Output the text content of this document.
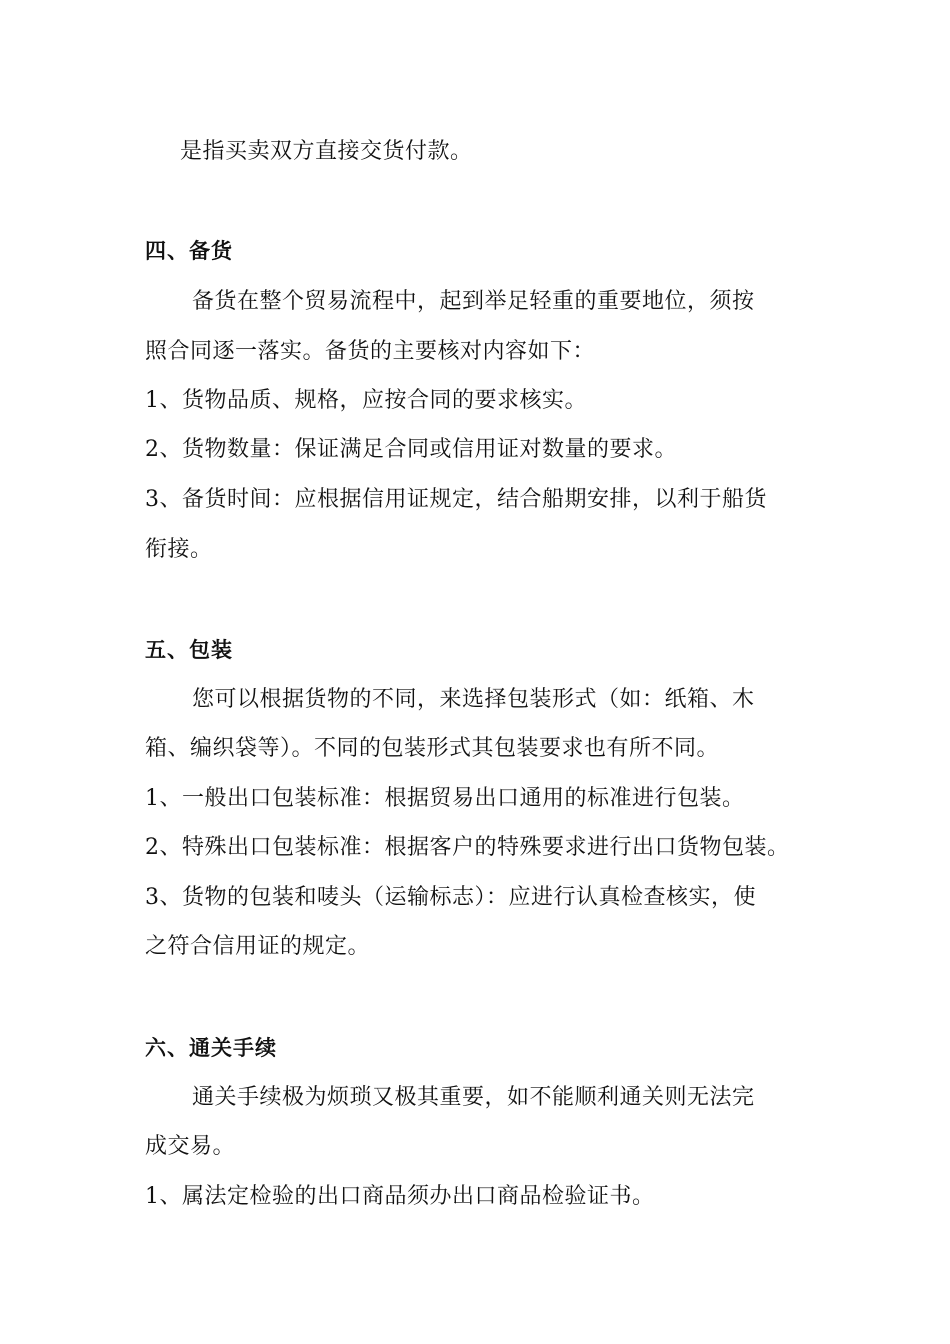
是指买卖双方直接交货付款。
四、备货
备货在整个贸易流程中，起到举足轻重的重要地位，须按
照合同逐一落实。备货的主要核对内容如下：
1、货物品质、规格，应按合同的要求核实。
2、货物数量：保证满足合同或信用证对数量的要求。
3、备货时间：应根据信用证规定，结合船期安排，以利于船货
衔接。
五、包装
您可以根据货物的不同，来选择包装形式（如：纸箱、木
箱、编织袋等）。不同的包装形式其包装要求也有所不同。
1、一般出口包装标准：根据贸易出口通用的标准进行包装。
2、特殊出口包装标准：根据客户的特殊要求进行出口货物包装。
3、货物的包装和唛头（运输标志）：应进行认真检查核实，使
之符合信用证的规定。
六、通关手续
通关手续极为烦琐又极其重要，如不能顺利通关则无法完
成交易。
1、属法定检验的出口商品须办出口商品检验证书。
